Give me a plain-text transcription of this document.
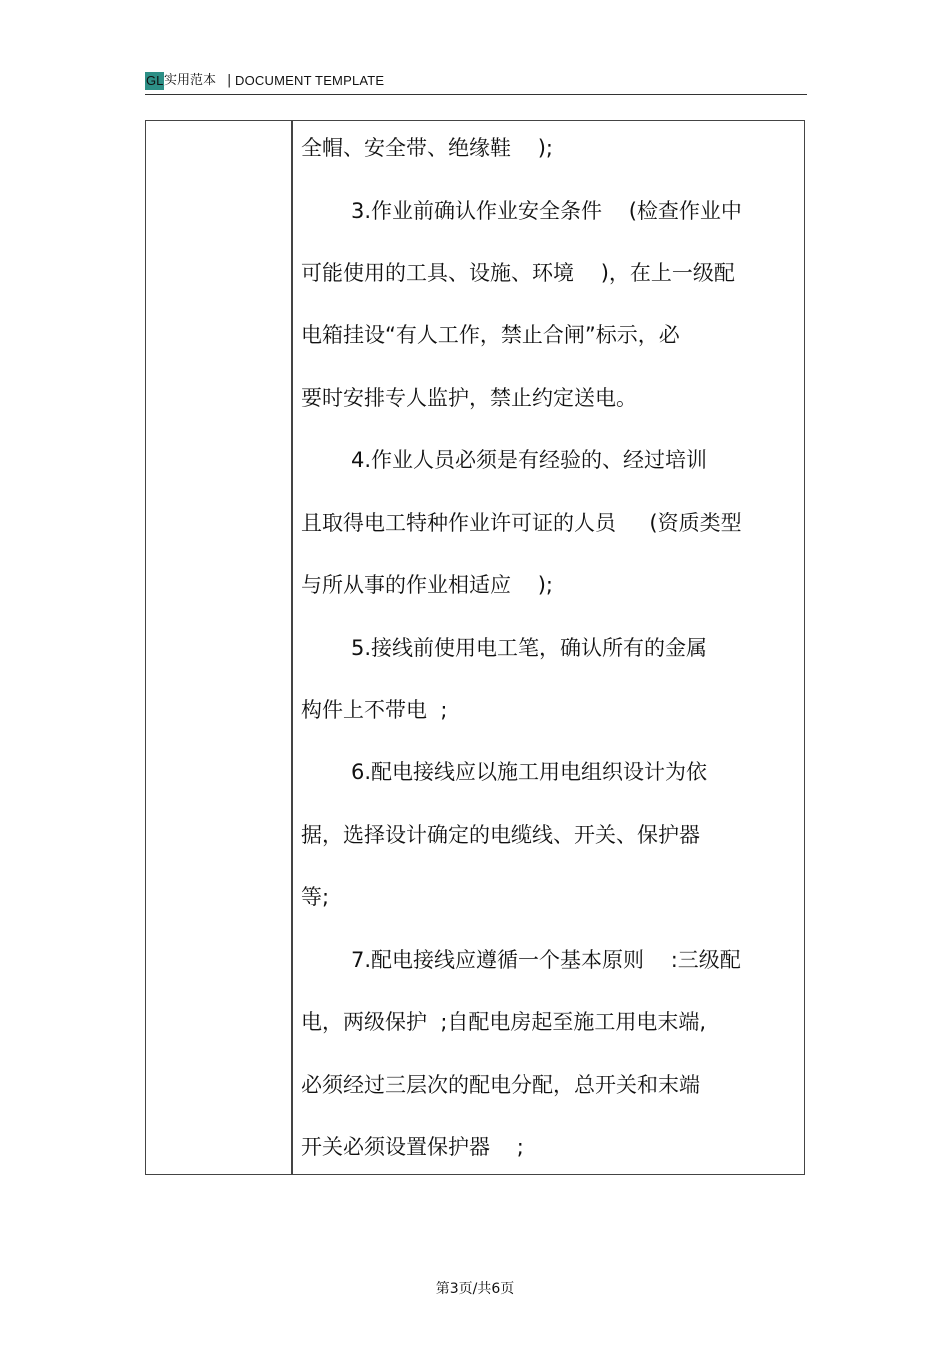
GL 实用范本 | DOCUMENT TEMPLATE
全帽、安全带、绝缘鞋    );
3.作业前确认作业安全条件    (检查作业中
可能使用的工具、设施、环境    )，在上一级配
电箱挂设“有人工作，禁止合闸”标示，必
要时安排专人监护，禁止约定送电。
4.作业人员必须是有经验的、经过培训
且取得电工特种作业许可证的人员     (资质类型
与所从事的作业相适应    );
5.接线前使用电工笔，确认所有的金属
构件上不带电  ;
6.配电接线应以施工用电组织设计为依
据，选择设计确定的电缆线、开关、保护器
等;
7.配电接线应遵循一个基本原则    :三级配
电，两级保护  ;自配电房起至施工用电末端,
必须经过三层次的配电分配，总开关和末端
开关必须设置保护器    ;
第3页/共6页
